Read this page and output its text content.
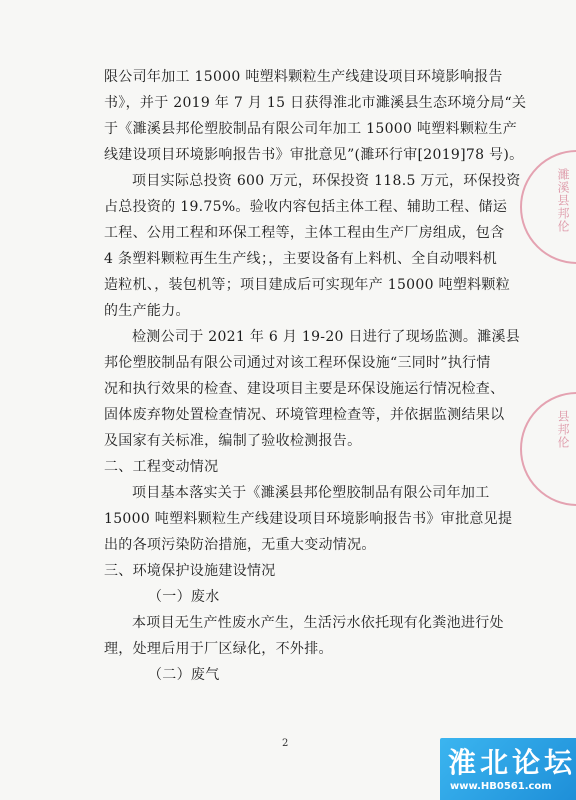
限公司年加工 15000 吨塑料颗粒生产线建设项目环境影响报告
书》，并于 2019 年 7 月 15 日获得淮北市濉溪县生态环境分局“关
于《濉溪县邦伦塑胶制品有限公司年加工 15000 吨塑料颗粒生产
线建设项目环境影响报告书》审批意见”(濉环行审[2019]78 号)。
项目实际总投资 600 万元，环保投资 118.5 万元，环保投资
占总投资的 19.75%。验收内容包括主体工程、辅助工程、储运
工程、公用工程和环保工程等，主体工程由生产厂房组成，包含
4 条塑料颗粒再生生产线；，主要设备有上料机、全自动喂料机
造粒机、，装包机等；项目建成后可实现年产 15000 吨塑料颗粒
的生产能力。
检测公司于 2021 年 6 月 19-20 日进行了现场监测。濉溪县
邦伦塑胶制品有限公司通过对该工程环保设施“三同时”执行情
况和执行效果的检查、建设项目主要是环保设施运行情况检查、
固体废弃物处置检查情况、环境管理检查等，并依据监测结果以
及国家有关标准，编制了验收检测报告。
二、工程变动情况
项目基本落实关于《濉溪县邦伦塑胶制品有限公司年加工
15000 吨塑料颗粒生产线建设项目环境影响报告书》审批意见提
出的各项污染防治措施，无重大变动情况。
三、环境保护设施建设情况
（一）废水
本项目无生产性废水产生，生活污水依托现有化粪池进行处
理，处理后用于厂区绿化，不外排。
（二）废气
2
濉溪县邦伦
县邦伦
淮北论坛
www.HB0561.com
